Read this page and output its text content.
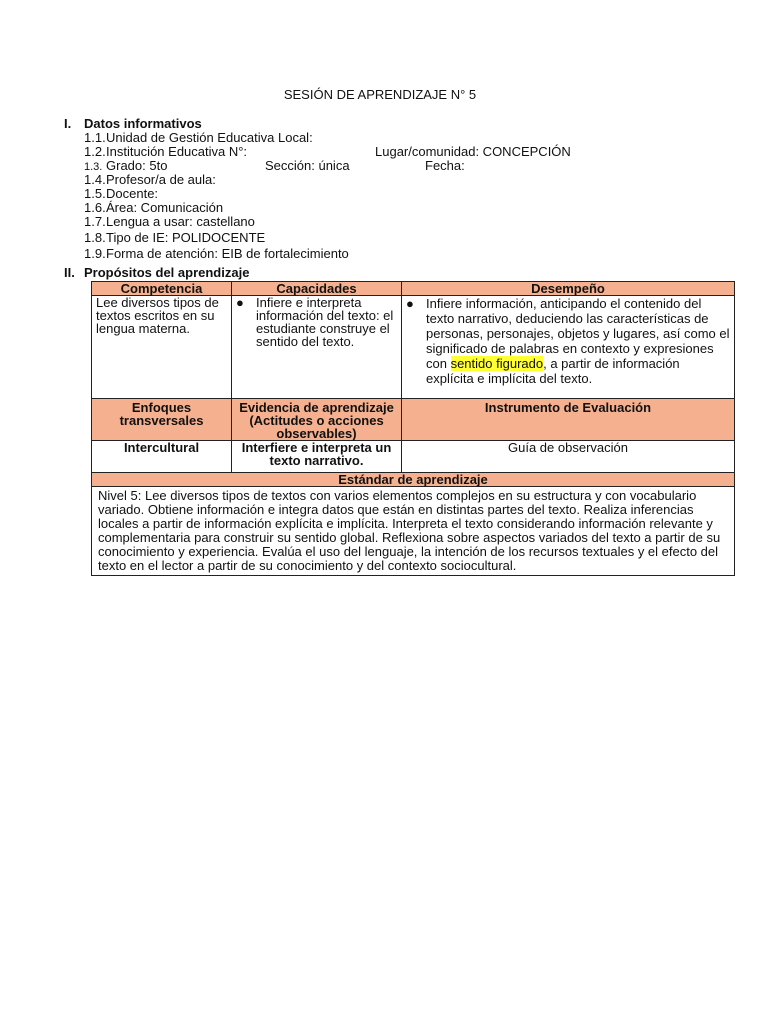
SESIÓN DE APRENDIZAJE N° 5
I. Datos informativos
1.1.Unidad de Gestión Educativa Local:
1.2.Institución Educativa N°:	Lugar/comunidad: CONCEPCIÓN
1.3. Grado: 5to	Sección: única	Fecha:
1.4.Profesor/a de aula:
1.5.Docente:
1.6.Área: Comunicación
1.7.Lengua a usar: castellano
1.8.Tipo de IE: POLIDOCENTE
1.9.Forma de atención: EIB de fortalecimiento
II. Propósitos del aprendizaje
Competencia	Capacidades	Desempeño
Lee diversos tipos de textos escritos en su lengua materna.	● Infiere e interpreta información del texto: el estudiante construye el sentido del texto.	● Infiere información, anticipando el contenido del texto narrativo, deduciendo las características de personas, personajes, objetos y lugares, así como el significado de palabras en contexto y expresiones con sentido figurado, a partir de información explícita e implícita del texto.
Enfoques transversales	Evidencia de aprendizaje (Actitudes o acciones observables)	Instrumento de Evaluación
Intercultural	Interfiere e interpreta un texto narrativo.	Guía de observación
Estándar de aprendizaje		
Nivel 5: Lee diversos tipos de textos con varios elementos complejos en su estructura y con vocabulario variado. Obtiene información e integra datos que están en distintas partes del texto. Realiza inferencias locales a partir de información explícita e implícita. Interpreta el texto considerando información relevante y complementaria para construir su sentido global. Reflexiona sobre aspectos variados del texto a partir de su conocimiento y experiencia. Evalúa el uso del lenguaje, la intención de los recursos textuales y el efecto del texto en el lector a partir de su conocimiento y del contexto sociocultural.		
